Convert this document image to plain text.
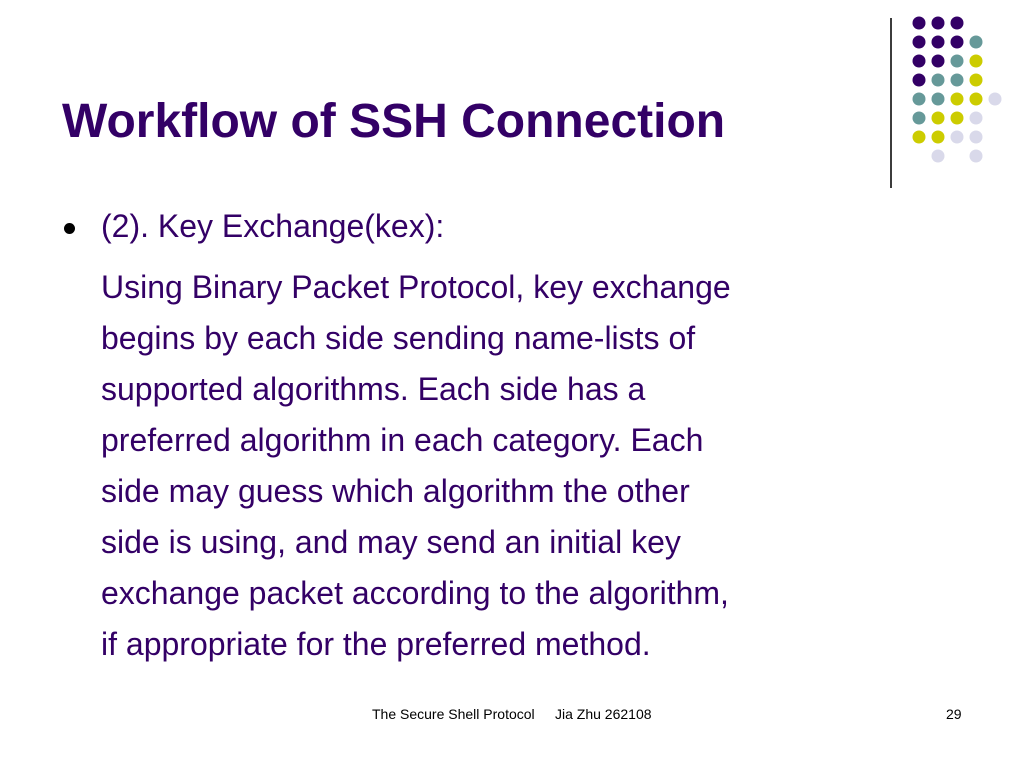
Workflow of SSH Connection
(2). Key Exchange(kex):
Using Binary Packet Protocol, key exchange
begins by each side sending name-lists of
supported algorithms. Each side has a
preferred algorithm in each category. Each
side may guess which algorithm the other
side is using, and may send an initial key
exchange packet according to the algorithm,
if appropriate for the preferred method.
The Secure Shell Protocol Jia Zhu 262108	29
